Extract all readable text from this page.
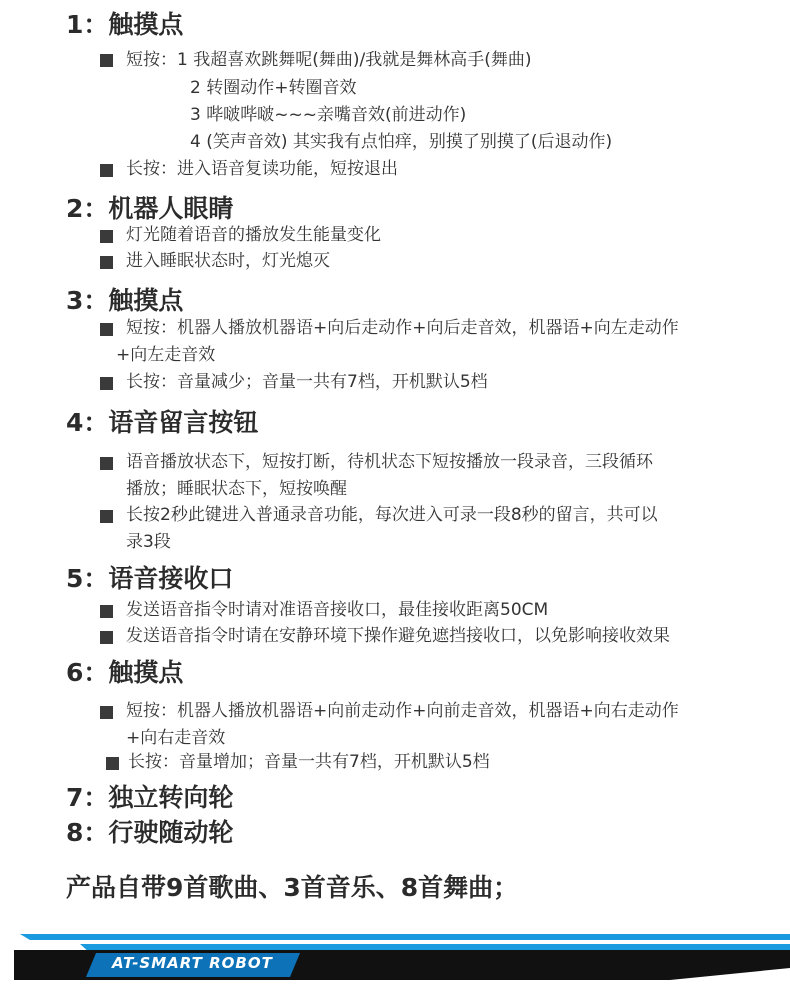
1：触摸点
短按：1 我超喜欢跳舞呢(舞曲)/我就是舞林高手(舞曲)
2 转圈动作+转圈音效
3 哔啵哔啵~~~亲嘴音效(前进动作)
4 (笑声音效) 其实我有点怕痒，别摸了别摸了(后退动作)
长按：进入语音复读功能，短按退出
2：机器人眼睛
灯光随着语音的播放发生能量变化
进入睡眠状态时，灯光熄灭
3：触摸点
短按：机器人播放机器语+向后走动作+向后走音效，机器语+向左走动作
+向左走音效
长按：音量减少；音量一共有7档，开机默认5档
4：语音留言按钮
语音播放状态下，短按打断，待机状态下短按播放一段录音，三段循环
播放；睡眠状态下，短按唤醒
长按2秒此键进入普通录音功能，每次进入可录一段8秒的留言，共可以
录3段
5：语音接收口
发送语音指令时请对准语音接收口，最佳接收距离50CM
发送语音指令时请在安静环境下操作避免遮挡接收口，以免影响接收效果
6：触摸点
短按：机器人播放机器语+向前走动作+向前走音效，机器语+向右走动作
+向右走音效
长按：音量增加；音量一共有7档，开机默认5档
7：独立转向轮
8：行驶随动轮
产品自带9首歌曲、3首音乐、8首舞曲；
AT-SMART ROBOT
